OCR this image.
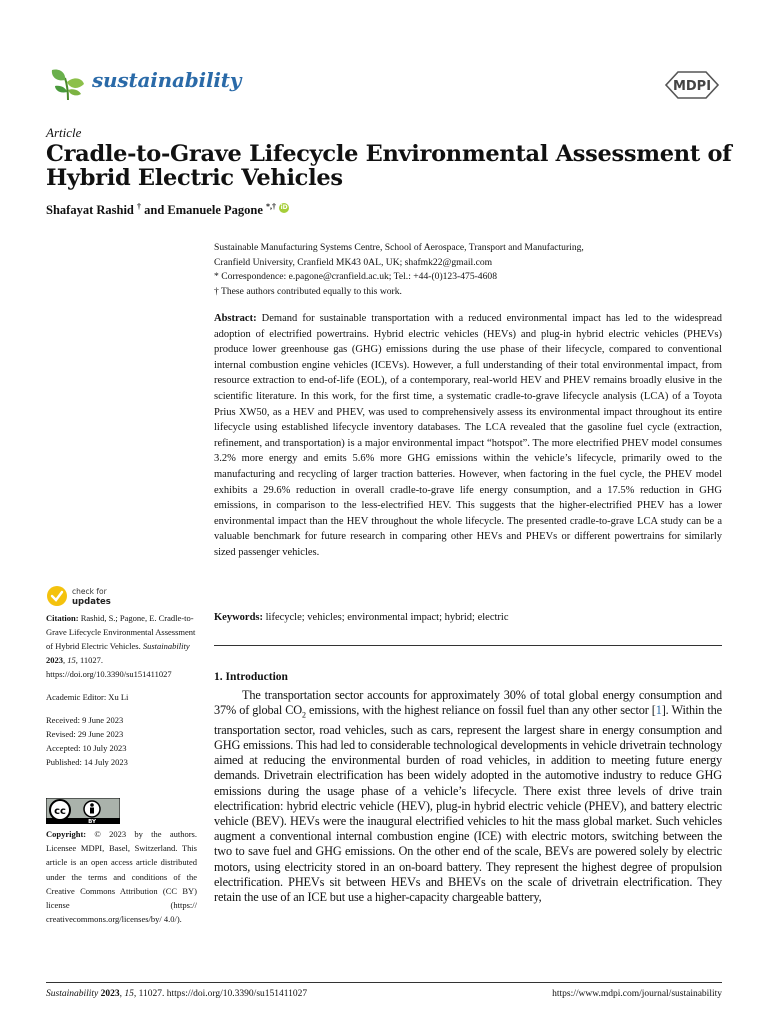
sustainability	MDPI
Article
Cradle-to-Grave Lifecycle Environmental Assessment of Hybrid Electric Vehicles
Shafayat Rashid † and Emanuele Pagone *,† iD
Sustainable Manufacturing Systems Centre, School of Aerospace, Transport and Manufacturing,
Cranfield University, Cranfield MK43 0AL, UK; shafmk22@gmail.com
* Correspondence: e.pagone@cranfield.ac.uk; Tel.: +44-(0)123-475-4608
† These authors contributed equally to this work.
Abstract: Demand for sustainable transportation with a reduced environmental impact has led to the widespread adoption of electrified powertrains. Hybrid electric vehicles (HEVs) and plug-in hybrid electric vehicles (PHEVs) produce lower greenhouse gas (GHG) emissions during the use phase of their lifecycle, compared to conventional internal combustion engine vehicles (ICEVs). However, a full understanding of their total environmental impact, from resource extraction to end-of-life (EOL), of a contemporary, real-world HEV and PHEV remains broadly elusive in the scientific literature. In this work, for the first time, a systematic cradle-to-grave lifecycle analysis (LCA) of a Toyota Prius XW50, as a HEV and PHEV, was used to comprehensively assess its environmental impact throughout its entire lifecycle using established lifecycle inventory databases. The LCA revealed that the gasoline fuel cycle (extraction, refinement, and transportation) is a major environmental impact “hotspot”. The more electrified PHEV model consumes 3.2% more energy and emits 5.6% more GHG emissions within the vehicle’s lifecycle, primarily owed to the manufacturing and recycling of larger traction batteries. However, when factoring in the fuel cycle, the PHEV model exhibits a 29.6% reduction in overall cradle-to-grave life energy consumption, and a 17.5% reduction in GHG emissions, in comparison to the less-electrified HEV. This suggests that the higher-electrified PHEV has a lower environmental impact than the HEV throughout the whole lifecycle. The presented cradle-to-grave LCA study can be a valuable benchmark for future research in comparing other HEVs and PHEVs or different powertrains for similarly sized passenger vehicles.
Keywords: lifecycle; vehicles; environmental impact; hybrid; electric
1. Introduction

The transportation sector accounts for approximately 30% of total global energy consumption and 37% of global $CO_2$ emissions, with the highest reliance on fossil fuel than any other sector [1]. Within the transportation sector, road vehicles, such as cars, represent the largest share in energy consumption and GHG emissions. This had led to considerable technological developments in vehicle drivetrain technology aimed at reducing the environmental burden of road vehicles, in addition to meeting future energy demands. Drivetrain electrification has been widely adopted in the automotive industry to reduce GHG emissions during the usage phase of a vehicle’s lifecycle. There exist three levels of drive train electrification: hybrid electric vehicle (HEV), plug-in hybrid electric vehicle (PHEV), and battery electric vehicle (BEV). HEVs were the inaugural electrified vehicles to hit the mass global market. Such vehicles augment a conventional internal combustion engine (ICE) with electric motors, switching between the two to save fuel and GHG emissions. On the other end of the scale, BEVs are powered solely by electric motors, using electricity stored in an on-board battery. They represent the highest degree of propulsion electrification. PHEVs sit between HEVs and BHEVs on the scale of drivetrain electrification. They retain the use of an ICE but use a higher-capacity chargeable battery,

check for
updates
Citation: Rashid, S.; Pagone, E. Cradle-to-Grave Lifecycle Environmental Assessment of Hybrid Electric Vehicles. Sustainability 2023, 15, 11027. https://doi.org/10.3390/su151411027
Academic Editor: Xu Li
Received: 9 June 2023
Revised: 29 June 2023
Accepted: 10 July 2023
Published: 14 July 2023
cc
BY
Copyright: © 2023 by the authors. Licensee MDPI, Basel, Switzerland. This article is an open access article distributed under the terms and conditions of the Creative Commons Attribution (CC BY) license (https:// creativecommons.org/licenses/by/ 4.0/).
Sustainability 2023, 15, 11027. https://doi.org/10.3390/su151411027	https://www.mdpi.com/journal/sustainability
